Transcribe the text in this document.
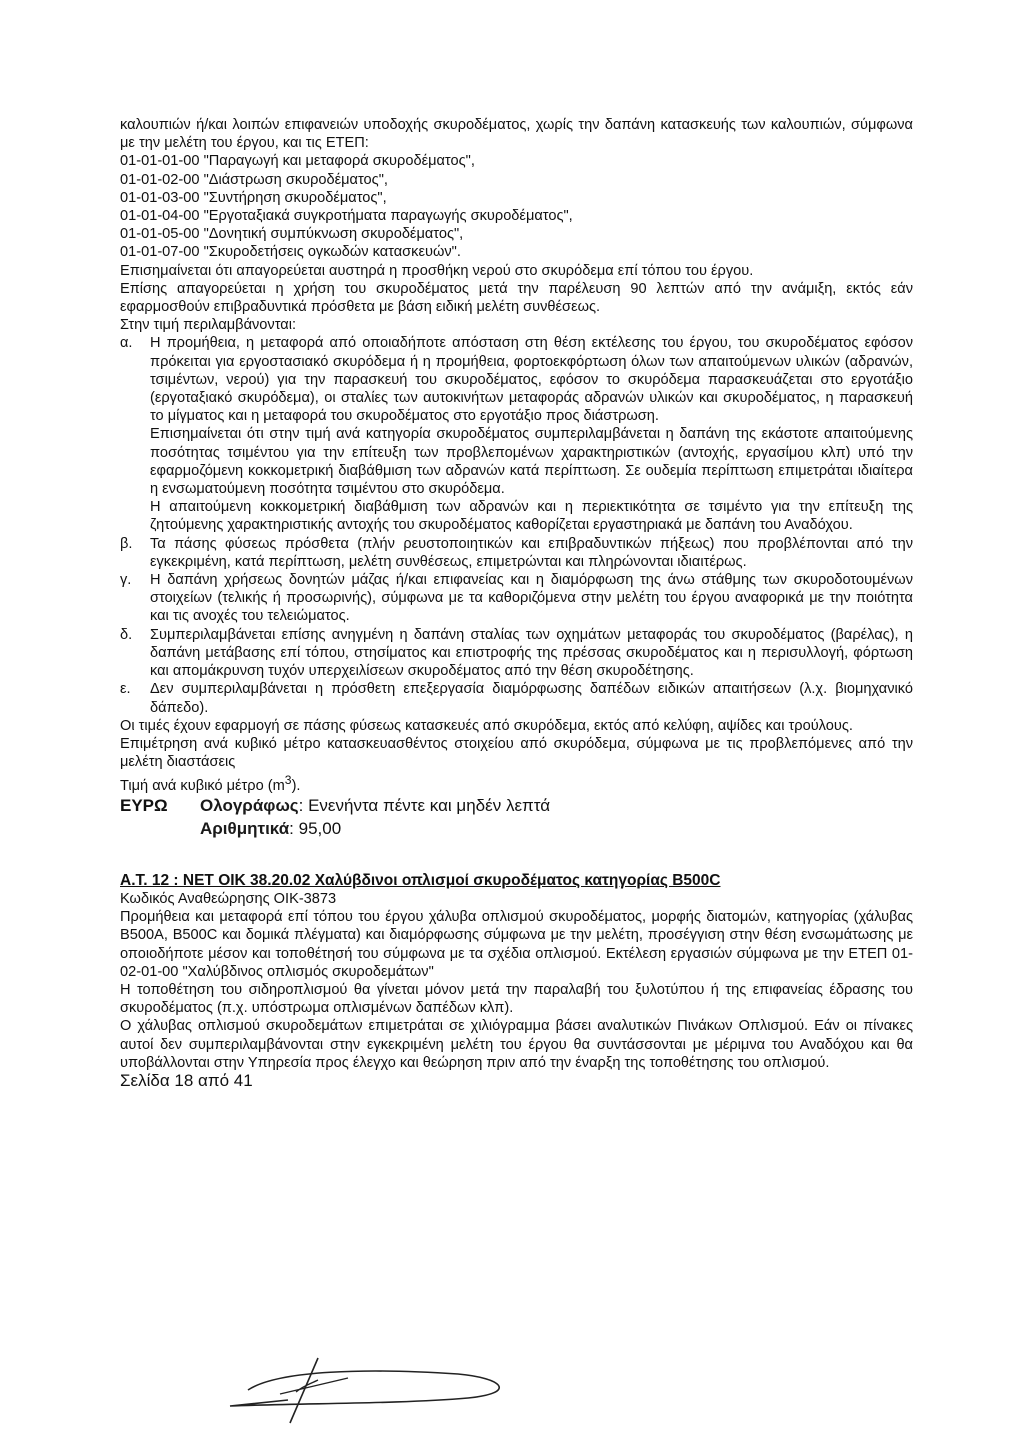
καλουπιών ή/και λοιπών επιφανειών υποδοχής σκυροδέματος, χωρίς την δαπάνη κατασκευής των καλουπιών, σύμφωνα με την μελέτη του έργου, και τις ΕΤΕΠ:

01-01-01-00 "Παραγωγή και μεταφορά σκυροδέματος",

01-01-02-00 "Διάστρωση σκυροδέματος",

01-01-03-00 "Συντήρηση σκυροδέματος",

01-01-04-00 "Εργοταξιακά συγκροτήματα παραγωγής σκυροδέματος",

01-01-05-00 "Δονητική συμπύκνωση σκυροδέματος",

01-01-07-00 "Σκυροδετήσεις ογκωδών κατασκευών".

Επισημαίνεται ότι απαγορεύεται αυστηρά η προσθήκη νερού στο σκυρόδεμα επί τόπου του έργου.

Επίσης απαγορεύεται η χρήση του σκυροδέματος μετά την παρέλευση 90 λεπτών από την ανάμιξη, εκτός εάν εφαρμοσθούν επιβραδυντικά πρόσθετα με βάση ειδική μελέτη συνθέσεως.

Στην τιμή περιλαμβάνονται:

α.	Η προμήθεια, η μεταφορά από οποιαδήποτε απόσταση στη θέση εκτέλεσης του έργου, του σκυροδέματος εφόσον πρόκειται για εργοστασιακό σκυρόδεμα ή η προμήθεια, φορτοεκφόρτωση όλων των απαιτούμενων υλικών (αδρανών, τσιμέντων, νερού) για την παρασκευή του σκυροδέματος, εφόσον το σκυρόδεμα παρασκευάζεται στο εργοτάξιο (εργοταξιακό σκυρόδεμα), οι σταλίες των αυτοκινήτων μεταφοράς αδρανών υλικών και σκυροδέματος, η παρασκευή το μίγματος και η μεταφορά του σκυροδέματος στο εργοτάξιο προς διάστρωση.

Επισημαίνεται ότι στην τιμή ανά κατηγορία σκυροδέματος συμπεριλαμβάνεται η δαπάνη της εκάστοτε απαιτούμενης ποσότητας τσιμέντου για την επίτευξη των προβλεπομένων χαρακτηριστικών (αντοχής, εργασίμου κλπ) υπό την εφαρμοζόμενη κοκκομετρική διαβάθμιση των αδρανών κατά περίπτωση. Σε ουδεμία περίπτωση επιμετράται ιδιαίτερα η ενσωματούμενη ποσότητα τσιμέντου στο σκυρόδεμα.

Η απαιτούμενη κοκκομετρική διαβάθμιση των αδρανών και η περιεκτικότητα σε τσιμέντο για την επίτευξη της ζητούμενης χαρακτηριστικής αντοχής του σκυροδέματος καθορίζεται εργαστηριακά με δαπάνη του Αναδόχου.

β.	Τα πάσης φύσεως πρόσθετα (πλήν ρευστοποιητικών και επιβραδυντικών πήξεως) που προβλέπονται από την εγκεκριμένη, κατά περίπτωση, μελέτη συνθέσεως, επιμετρώνται και πληρώνονται ιδιαιτέρως.
γ.	Η δαπάνη χρήσεως δονητών μάζας ή/και επιφανείας και η διαμόρφωση της άνω στάθμης των σκυροδοτουμένων στοιχείων (τελικής ή προσωρινής), σύμφωνα με τα καθοριζόμενα στην μελέτη του έργου αναφορικά με την ποιότητα και τις ανοχές του τελειώματος.
δ.	Συμπεριλαμβάνεται επίσης ανηγμένη η δαπάνη σταλίας των οχημάτων μεταφοράς του σκυροδέματος (βαρέλας), η δαπάνη μετάβασης επί τόπου, στησίματος και επιστροφής της πρέσσας σκυροδέματος και η περισυλλογή, φόρτωση και απομάκρυνση τυχόν υπερχειλίσεων σκυροδέματος από την θέση σκυροδέτησης.
ε.	Δεν συμπεριλαμβάνεται η πρόσθετη επεξεργασία διαμόρφωσης δαπέδων ειδικών απαιτήσεων (λ.χ. βιομηχανικό δάπεδο).

Οι τιμές έχουν εφαρμογή σε πάσης φύσεως κατασκευές από σκυρόδεμα, εκτός από κελύφη, αψίδες και τρούλους.

Επιμέτρηση ανά κυβικό μέτρο κατασκευασθέντος στοιχείου από σκυρόδεμα, σύμφωνα με τις προβλεπόμενες από την μελέτη διαστάσεις

Τιμή ανά κυβικό μέτρο $(m^3)$.

ΕΥΡΩ	Ολογράφως : Ενενήντα πέντε και μηδέν λεπτά
Αριθμητικά : 95,00

Α.Τ. 12 : ΝΕΤ ΟΙΚ 38.20.02 Χαλύβδινοι οπλισμοί σκυροδέματος κατηγορίας Β500C

Κωδικός Αναθεώρησης ΟΙΚ-3873

Προμήθεια και μεταφορά επί τόπου του έργου χάλυβα οπλισμού σκυροδέματος, μορφής διατομών, κατηγορίας (χάλυβας B500A, B500C και δομικά πλέγματα) και διαμόρφωσης σύμφωνα με την μελέτη, προσέγγιση στην θέση ενσωμάτωσης με οποιοδήποτε μέσον και τοποθέτησή του σύμφωνα με τα σχέδια οπλισμού. Εκτέλεση εργασιών σύμφωνα με την ΕΤΕΠ 01-02-01-00 "Χαλύβδινος οπλισμός σκυροδεμάτων"

Η τοποθέτηση του σιδηροπλισμού θα γίνεται μόνον μετά την παραλαβή του ξυλοτύπου ή της επιφανείας έδρασης του σκυροδέματος (π.χ. υπόστρωμα οπλισμένων δαπέδων κλπ).

Ο χάλυβας οπλισμού σκυροδεμάτων επιμετράται σε χιλιόγραμμα βάσει αναλυτικών Πινάκων Οπλισμού. Εάν οι πίνακες αυτοί δεν συμπεριλαμβάνονται στην εγκεκριμένη μελέτη του έργου θα συντάσσονται με μέριμνα του Αναδόχου και θα υποβάλλονται στην Υπηρεσία προς έλεγχο και θεώρηση πριν από την έναρξη της τοποθέτησης του οπλισμού.

Σελίδα 18 από 41
